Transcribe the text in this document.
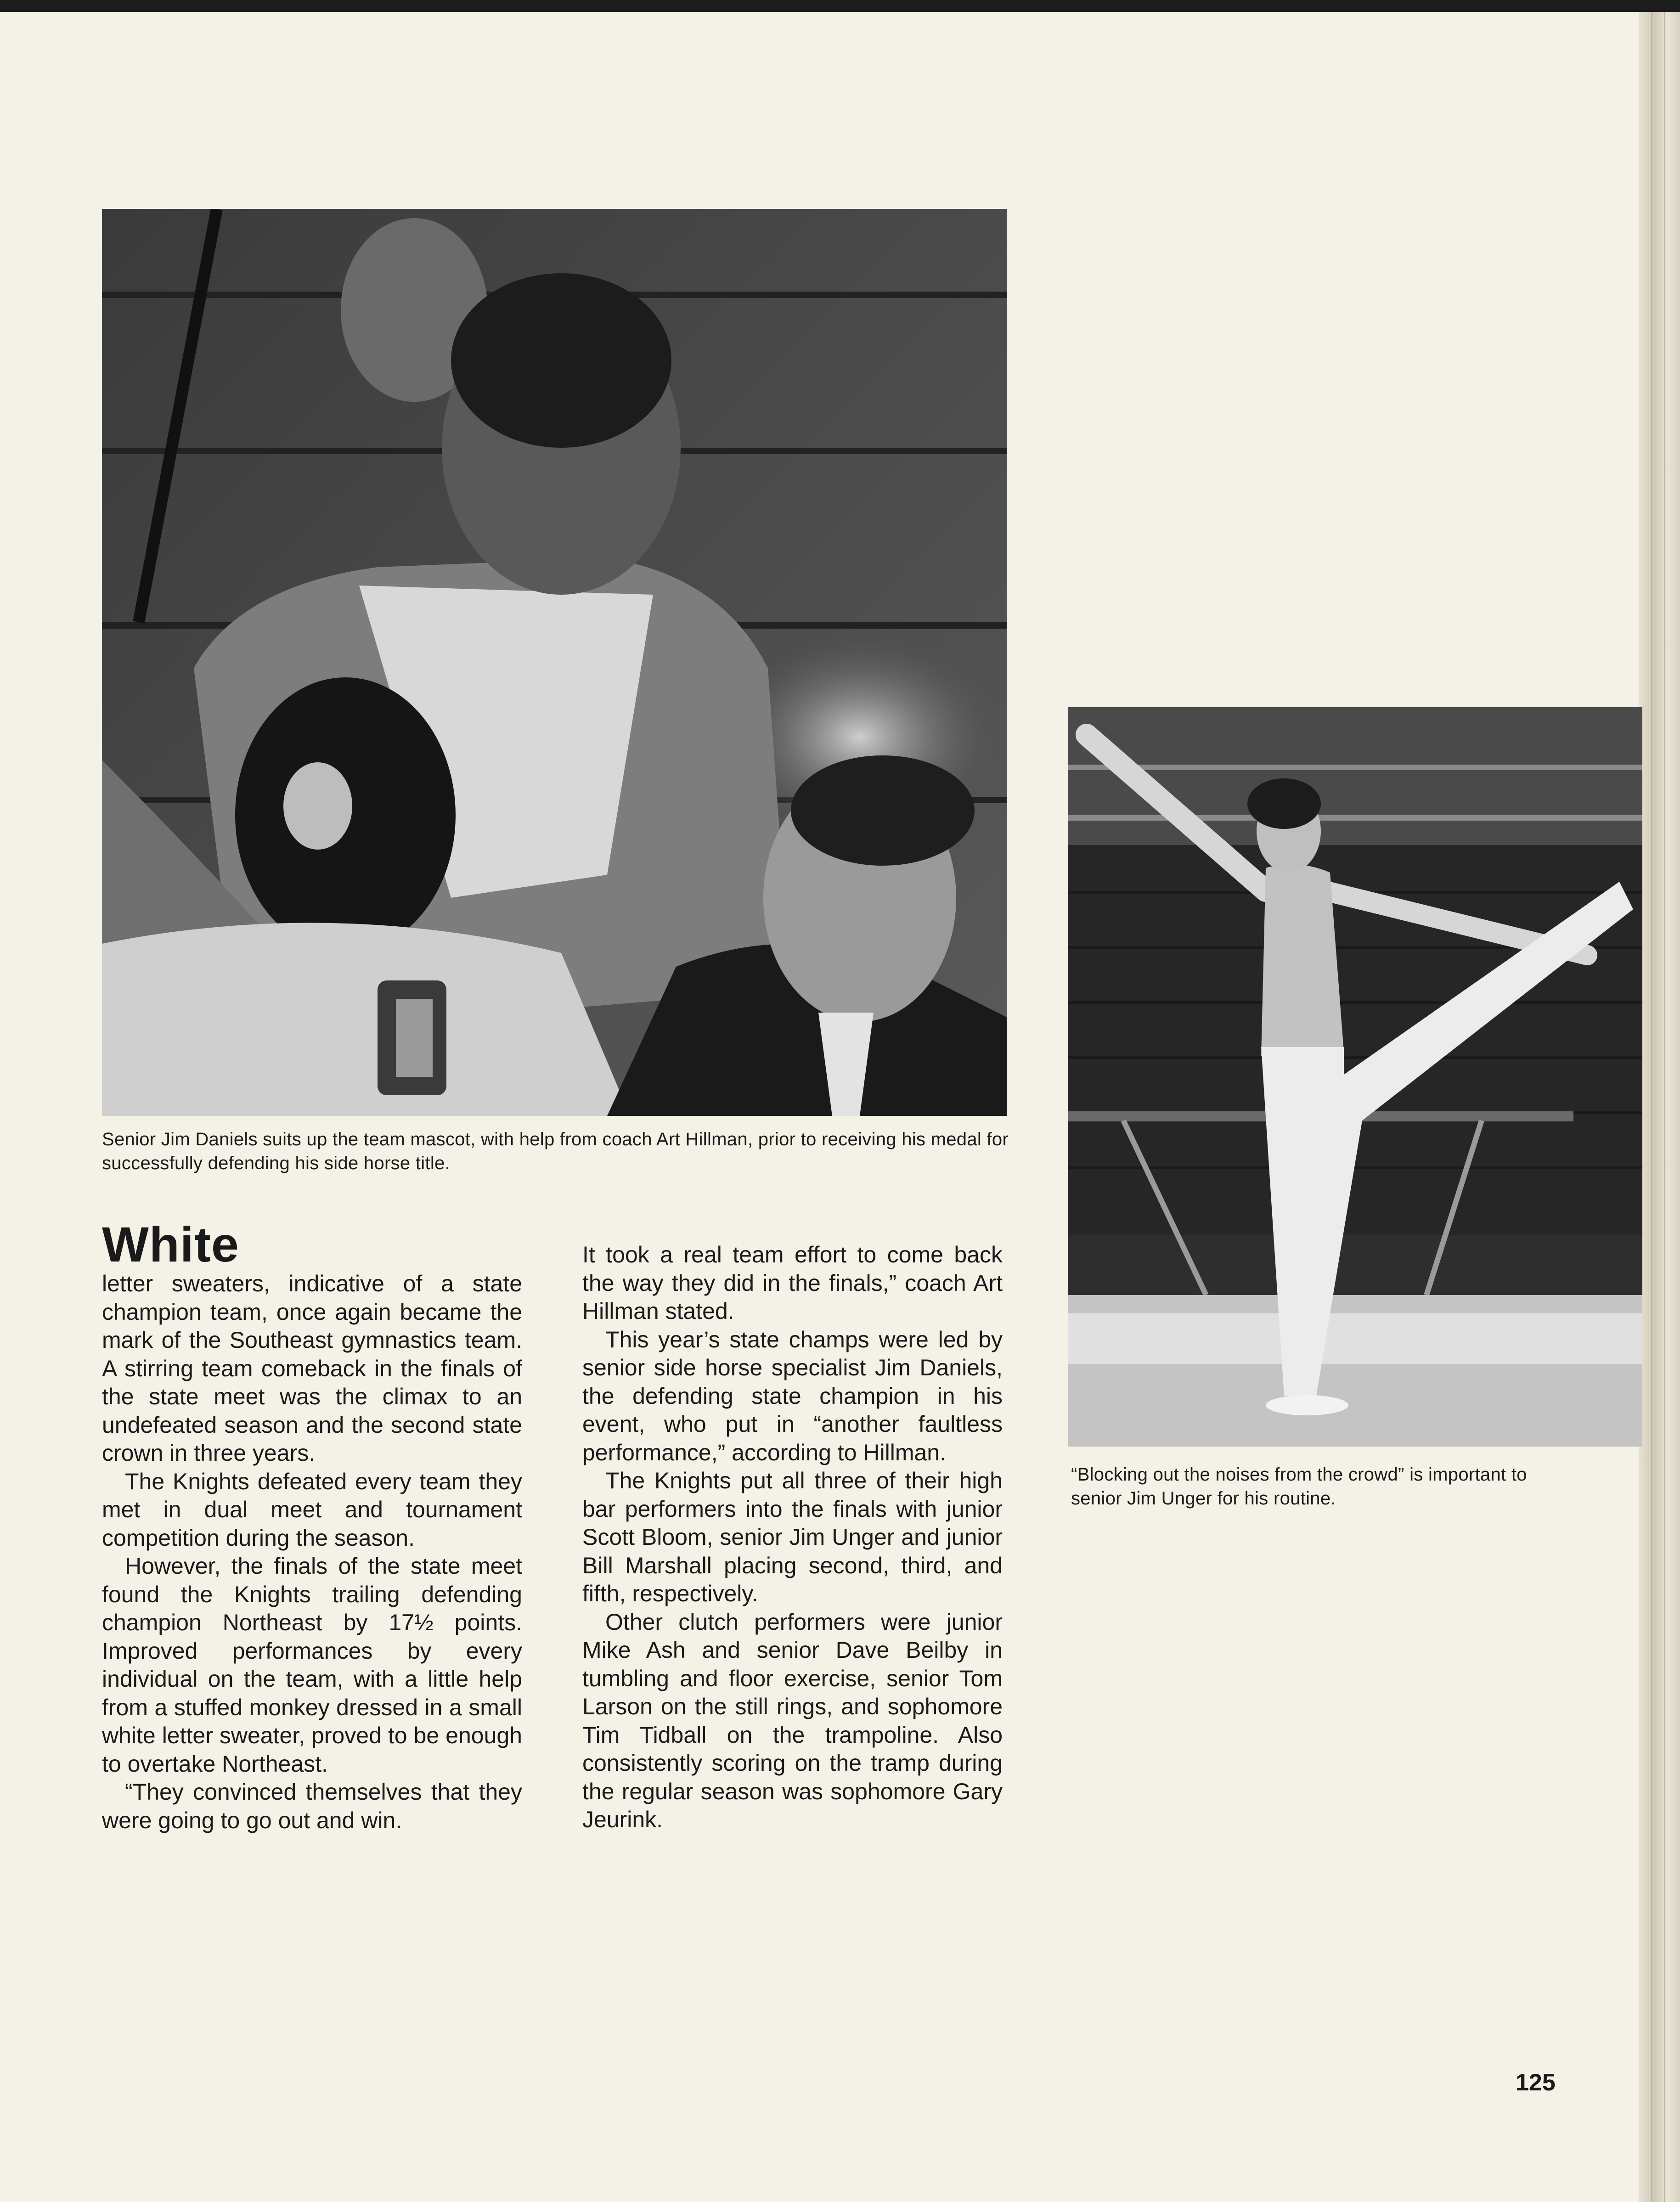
Senior Jim Daniels suits up the team mascot, with help from coach Art Hillman, prior to receiving his medal for successfully defending his side horse title.

“Blocking out the noises from the crowd” is important to senior Jim Unger for his routine.

White

letter sweaters, indicative of a state champion team, once again became the mark of the Southeast gymnastics team. A stirring team comeback in the finals of the state meet was the climax to an undefeated season and the second state crown in three years.

The Knights defeated every team they met in dual meet and tournament competition during the season.

However, the finals of the state meet found the Knights trailing defending champion Northeast by 17½ points. Improved performances by every individual on the team, with a little help from a stuffed monkey dressed in a small white letter sweater, proved to be enough to overtake Northeast.

“They convinced themselves that they were going to go out and win.

It took a real team effort to come back the way they did in the finals,” coach Art Hillman stated.

This year’s state champs were led by senior side horse specialist Jim Daniels, the defending state champion in his event, who put in “another faultless performance,” according to Hillman.

The Knights put all three of their high bar performers into the finals with junior Scott Bloom, senior Jim Unger and junior Bill Marshall placing second, third, and fifth, respectively.

Other clutch performers were junior Mike Ash and senior Dave Beilby in tumbling and floor exercise, senior Tom Larson on the still rings, and sophomore Tim Tidball on the trampoline. Also consistently scoring on the tramp during the regular season was sophomore Gary Jeurink.

125
